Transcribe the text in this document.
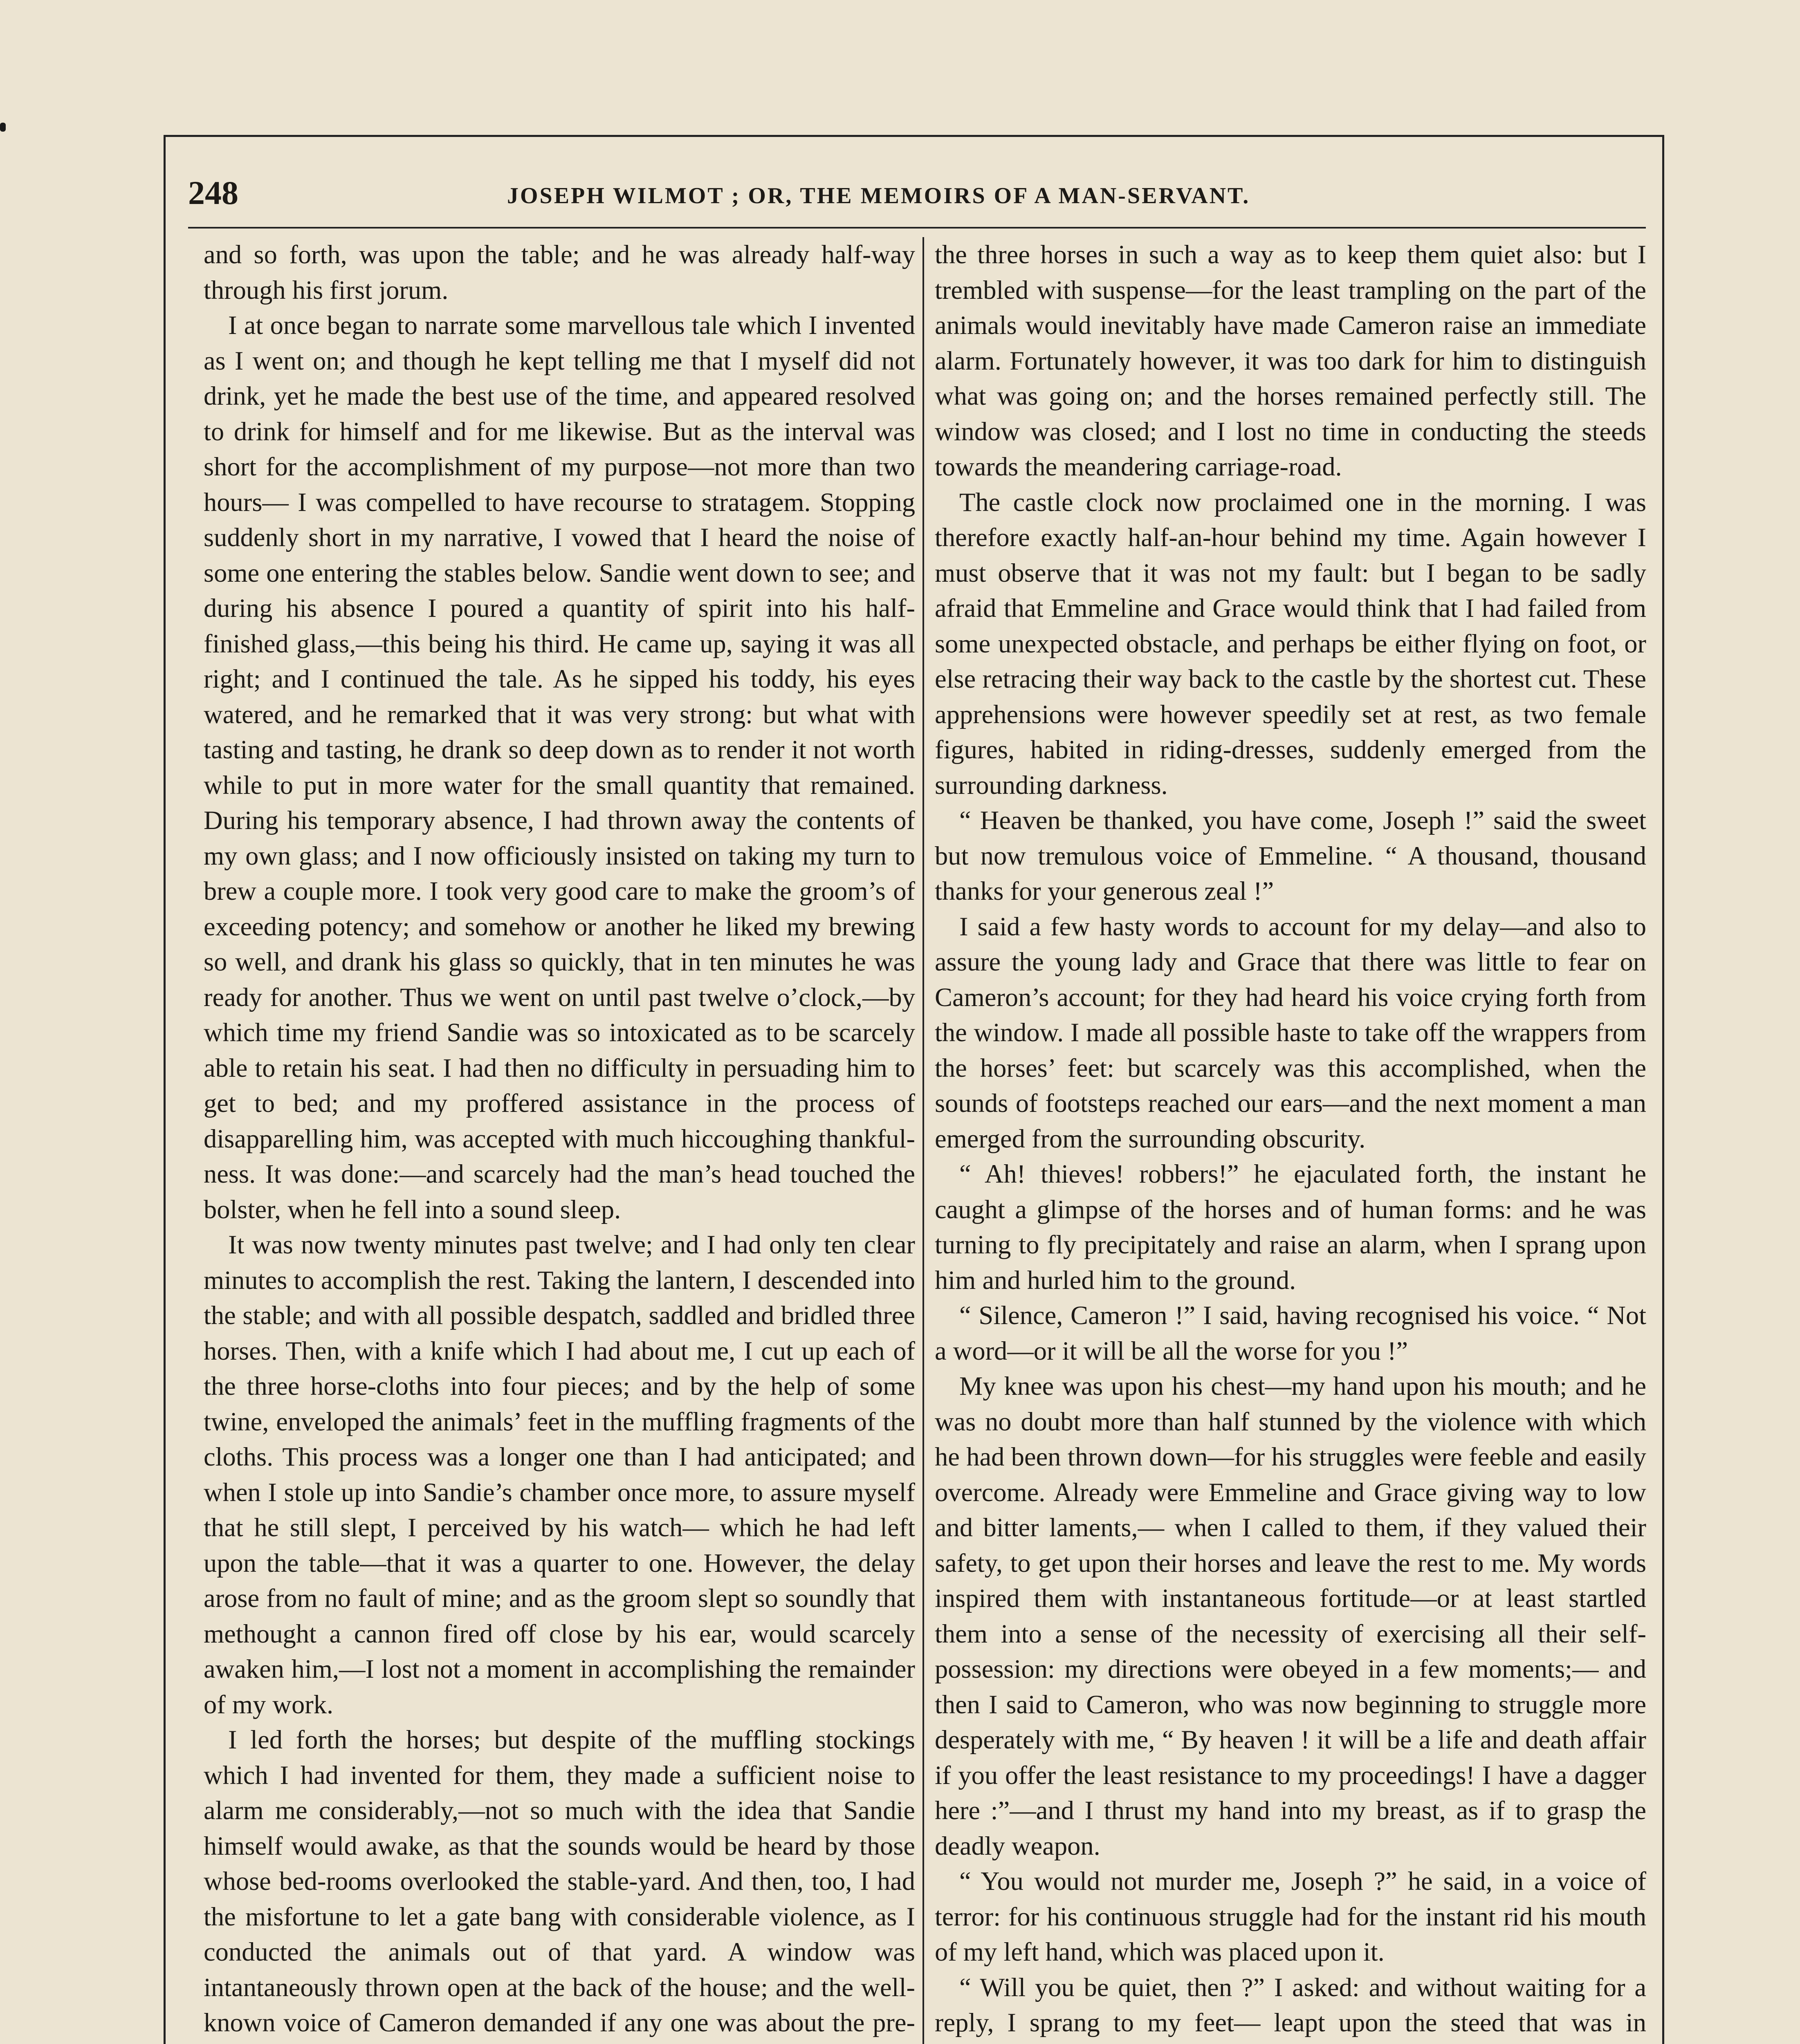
248	JOSEPH WILMOT ; OR, THE MEMOIRS OF A MAN-SERVANT.

and so forth, was upon the table; and he was already half-way through his first jorum.

I at once began to narrate some marvellous tale which I invented as I went on; and though he kept telling me that I myself did not drink, yet he made the best use of the time, and appeared resolved to drink for himself and for me likewise. But as the interval was short for the accomplishment of my purpose—not more than two hours— I was compelled to have recourse to stratagem. Stopping suddenly short in my narrative, I vowed that I heard the noise of some one entering the stables below. Sandie went down to see; and during his absence I poured a quantity of spirit into his half-finished glass,—this being his third. He came up, saying it was all right; and I continued the tale. As he sipped his toddy, his eyes watered, and he remarked that it was very strong: but what with tasting and tasting, he drank so deep down as to render it not worth while to put in more water for the small quantity that remained. During his temporary absence, I had thrown away the contents of my own glass; and I now officiously insisted on taking my turn to brew a couple more. I took very good care to make the groom’s of exceeding potency; and somehow or another he liked my brewing so well, and drank his glass so quickly, that in ten minutes he was ready for another. Thus we went on until past twelve o’clock,—by which time my friend Sandie was so intoxicated as to be scarcely able to retain his seat. I had then no difficulty in persuading him to get to bed; and my proffered assistance in the process of disapparelling him, was accepted with much hiccoughing thankfulness. It was done:—and scarcely had the man’s head touched the bolster, when he fell into a sound sleep.

It was now twenty minutes past twelve; and I had only ten clear minutes to accomplish the rest. Taking the lantern, I descended into the stable; and with all possible despatch, saddled and bridled three horses. Then, with a knife which I had about me, I cut up each of the three horse-cloths into four pieces; and by the help of some twine, enveloped the animals’ feet in the muffling fragments of the cloths. This process was a longer one than I had anticipated; and when I stole up into Sandie’s chamber once more, to assure myself that he still slept, I perceived by his watch— which he had left upon the table—that it was a quarter to one. However, the delay arose from no fault of mine; and as the groom slept so soundly that methought a cannon fired off close by his ear, would scarcely awaken him,—I lost not a moment in accomplishing the remainder of my work.

I led forth the horses; but despite of the muffling stockings which I had invented for them, they made a sufficient noise to alarm me considerably,—not so much with the idea that Sandie himself would awake, as that the sounds would be heard by those whose bed-rooms overlooked the stable-yard. And then, too, I had the misfortune to let a gate bang with considerable violence, as I conducted the animals out of that yard. A window was intantaneously thrown open at the back of the house; and the well-known voice of Cameron demanded if any one was about the pre

the three horses in such a way as to keep them quiet also: but I trembled with suspense—for the least trampling on the part of the animals would inevitably have made Cameron raise an immediate alarm. Fortunately however, it was too dark for him to distinguish what was going on; and the horses remained perfectly still. The window was closed; and I lost no time in conducting the steeds towards the meandering carriage-road.

The castle clock now proclaimed one in the morning. I was therefore exactly half-an-hour behind my time. Again however I must observe that it was not my fault: but I began to be sadly afraid that Emmeline and Grace would think that I had failed from some unexpected obstacle, and perhaps be either flying on foot, or else retracing their way back to the castle by the shortest cut. These apprehensions were however speedily set at rest, as two female figures, habited in riding-dresses, suddenly emerged from the surrounding darkness.

“ Heaven be thanked, you have come, Joseph !” said the sweet but now tremulous voice of Emmeline. “ A thousand, thousand thanks for your generous zeal !”

I said a few hasty words to account for my delay—and also to assure the young lady and Grace that there was little to fear on Cameron’s account; for they had heard his voice crying forth from the window. I made all possible haste to take off the wrappers from the horses’ feet: but scarcely was this accomplished, when the sounds of footsteps reached our ears—and the next moment a man emerged from the surrounding obscurity.

“ Ah! thieves! robbers!” he ejaculated forth, the instant he caught a glimpse of the horses and of human forms: and he was turning to fly precipitately and raise an alarm, when I sprang upon him and hurled him to the ground.

“ Silence, Cameron !” I said, having recognised his voice. “ Not a word—or it will be all the worse for you !”

My knee was upon his chest—my hand upon his mouth; and he was no doubt more than half stunned by the violence with which he had been thrown down—for his struggles were feeble and easily overcome. Already were Emmeline and Grace giving way to low and bitter laments,— when I called to them, if they valued their safety, to get upon their horses and leave the rest to me. My words inspired them with instantaneous fortitude—or at least startled them into a sense of the necessity of exercising all their self-possession: my directions were obeyed in a few moments;— and then I said to Cameron, who was now beginning to struggle more desperately with me, “ By heaven ! it will be a life and death affair if you offer the least resistance to my proceedings! I have a dagger here :”—and I thrust my hand into my breast, as if to grasp the deadly weapon.

“ You would not murder me, Joseph ?” he said, in a voice of terror: for his continuous struggle had for the instant rid his mouth of my left hand, which was placed upon it.

“ Will you be quiet, then ?” I asked: and without waiting for a reply, I sprang to my feet— leapt upon the steed that was in
